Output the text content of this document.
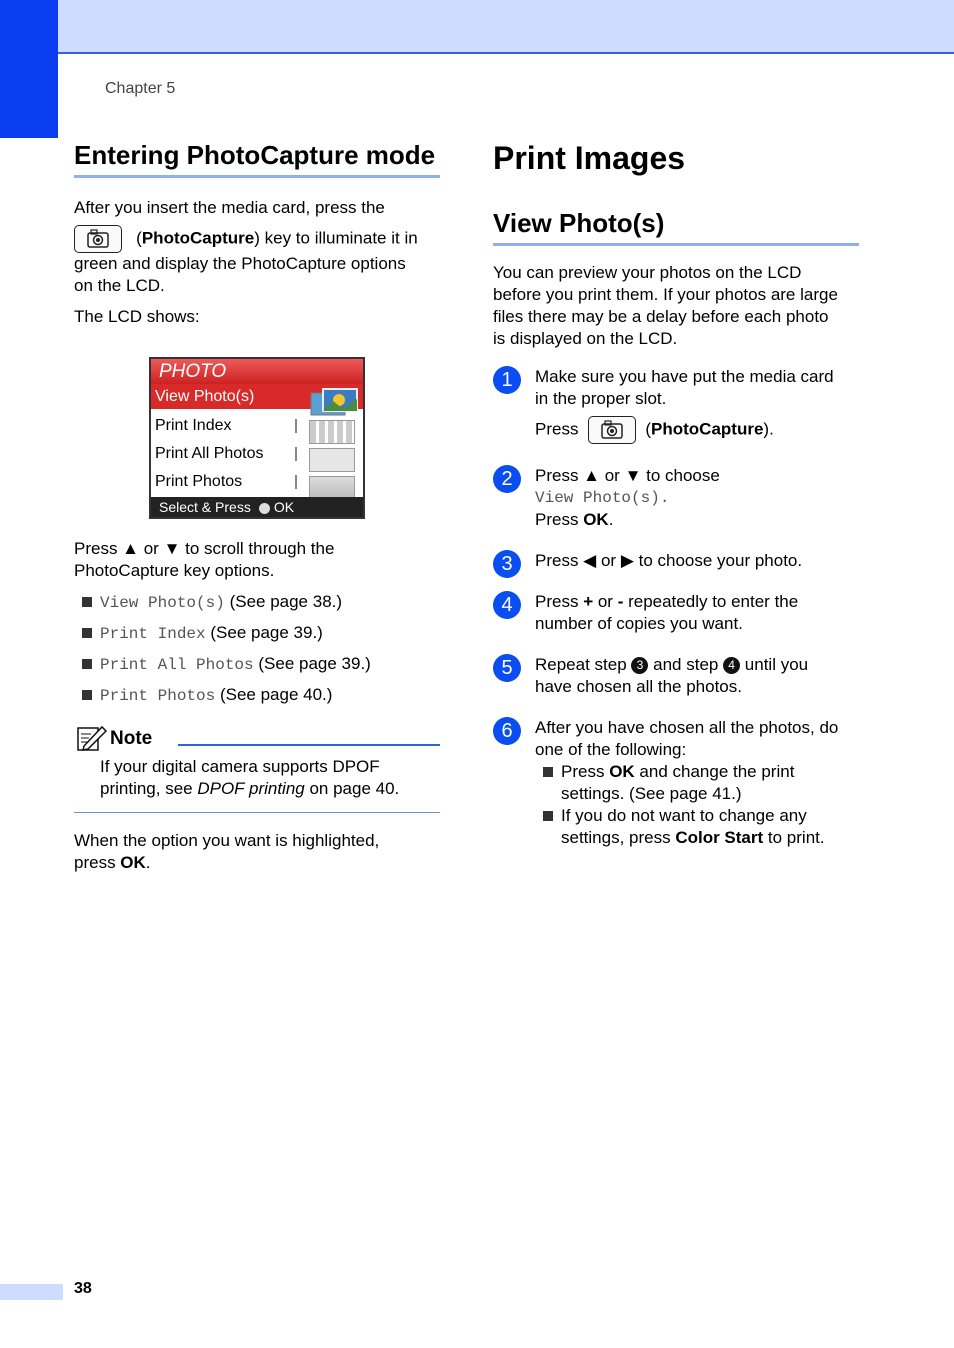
Chapter 5
Entering PhotoCapture mode

After you insert the media card, press the

(PhotoCapture) key to illuminate it in

green and display the PhotoCapture options

on the LCD.

The LCD shows:

PHOTO
View Photo(s)
Print Index
Print All Photos
Print Photos
Select & Press OK

Press ▲ or ▼ to scroll through the

PhotoCapture key options.

View Photo(s) (See page 38.)
Print Index (See page 39.)
Print All Photos (See page 39.)
Print Photos (See page 40.)
Note

If your digital camera supports DPOF

printing, see DPOF printing on page 40.

When the option you want is highlighted,

press OK.

Print Images
View Photo(s)

You can preview your photos on the LCD

before you print them. If your photos are large

files there may be a delay before each photo

is displayed on the LCD.

1	Make sure you have put the media card

in the proper slot.

Press	(PhotoCapture).

2	Press ▲ or ▼ to choose

View Photo(s).

Press OK.

3	Press ◀ or ▶ to choose your photo.

4	Press + or - repeatedly to enter the

number of copies you want.

5	Repeat step 3 and step 4 until you

have chosen all the photos.

6	After you have chosen all the photos, do

one of the following:

Press OK and change the print
settings. (See page 41.)
If you do not want to change any
settings, press Color Start to print.
38
